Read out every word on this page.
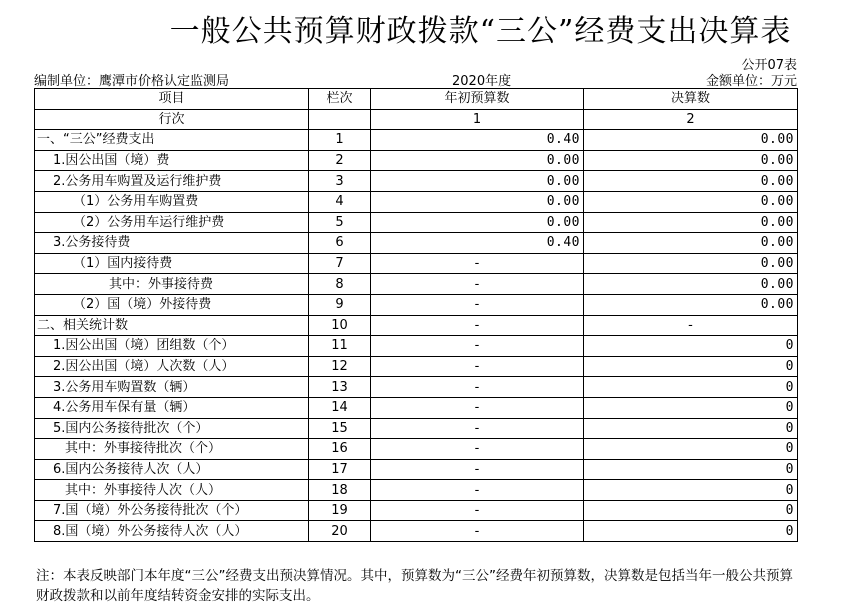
一般公共预算财政拨款“三公”经费支出决算表
公开07表
编制单位：鹰潭市价格认定监测局	2020年度	金额单位：万元
项目	栏次	年初预算数	决算数
行次		1	2
一、“三公”经费支出	1	0.40	0.00
1.因公出国（境）费	2	0.00	0.00
2.公务用车购置及运行维护费	3	0.00	0.00
（1）公务用车购置费	4	0.00	0.00
（2）公务用车运行维护费	5	0.00	0.00
3.公务接待费	6	0.40	0.00
（1）国内接待费	7	-	0.00
其中：外事接待费	8	-	0.00
（2）国（境）外接待费	9	-	0.00
二、相关统计数	10	-	-
1.因公出国（境）团组数（个）	11	-	0
2.因公出国（境）人次数（人）	12	-	0
3.公务用车购置数（辆）	13	-	0
4.公务用车保有量（辆）	14	-	0
5.国内公务接待批次（个）	15	-	0
其中：外事接待批次（个）	16	-	0
6.国内公务接待人次（人）	17	-	0
其中：外事接待人次（人）	18	-	0
7.国（境）外公务接待批次（个）	19	-	0
8.国（境）外公务接待人次（人）	20	-	0
注：本表反映部门本年度“三公”经费支出预决算情况。其中，预算数为“三公”经费年初预算数，决算数是包括当年一般公共预算财政拨款和以前年度结转资金安排的实际支出。
